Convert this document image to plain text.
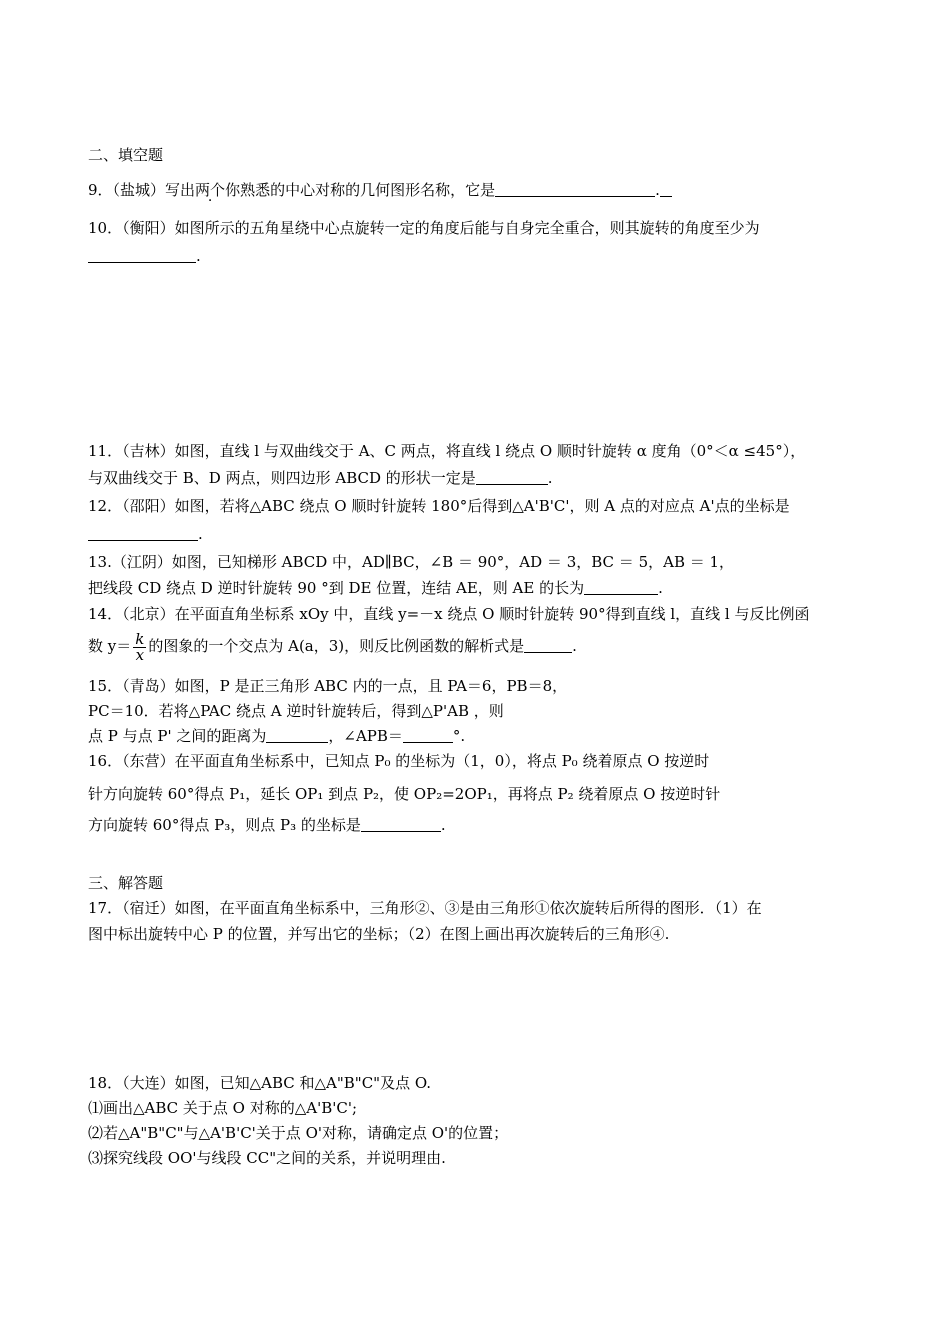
二、填空题
9．（盐城）写出两个你熟悉的中心对称的几何图形名称，它是	.
10．（衡阳）如图所示的五角星绕中心点旋转一定的角度后能与自身完全重合，则其旋转的角度至少为
.
11．（吉林）如图，直线 l 与双曲线交于 A、C 两点，将直线 l 绕点 O 顺时针旋转 α 度角（0°＜α ≤45°），
与双曲线交于 B、D 两点，则四边形 ABCD 的形状一定是	.
12．（邵阳）如图，若将△ABC 绕点 O 顺时针旋转 180°后得到△A'B'C'，则 A 点的对应点 A'点的坐标是
.
13.（江阴）如图，已知梯形 ABCD 中，AD∥BC，∠B ＝ 90°，AD ＝ 3，BC ＝ 5，AB ＝ 1，
把线段 CD 绕点 D 逆时针旋转 90 °到 DE 位置，连结 AE，则 AE 的长为	.
14．（北京）在平面直角坐标系 xOy 中，直线 y=－x 绕点 O 顺时针旋转 90°得到直线 l，直线 l 与反比例函
数 $y= \frac{k}{x}$ 的图象的一个交点为 A(a，3)，则反比例函数的解析式是	.
15．（青岛）如图，P 是正三角形 ABC 内的一点，且 PA＝6，PB＝8，
PC＝10．若将△PAC 绕点 A 逆时针旋转后，得到△P'AB ，则
点 P 与点 P' 之间的距离为	，∠APB＝	°.
16．（东营）在平面直角坐标系中，已知点 P₀ 的坐标为（1，0），将点 P₀ 绕着原点 O 按逆时
针方向旋转 60°得点 P₁，延长 OP₁ 到点 P₂，使 OP₂=2OP₁，再将点 P₂ 绕着原点 O 按逆时针
方向旋转 60°得点 P₃，则点 P₃ 的坐标是	.
三、解答题
17．（宿迁）如图，在平面直角坐标系中，三角形②、③是由三角形①依次旋转后所得的图形．（1）在
图中标出旋转中心 P 的位置，并写出它的坐标；（2）在图上画出再次旋转后的三角形④.
18．（大连）如图，已知△ABC 和△A"B"C"及点 O.
⑴画出△ABC 关于点 O 对称的△A'B'C';
⑵若△A"B"C"与△A'B'C'关于点 O'对称，请确定点 O'的位置；
⑶探究线段 OO'与线段 CC"之间的关系，并说明理由.
